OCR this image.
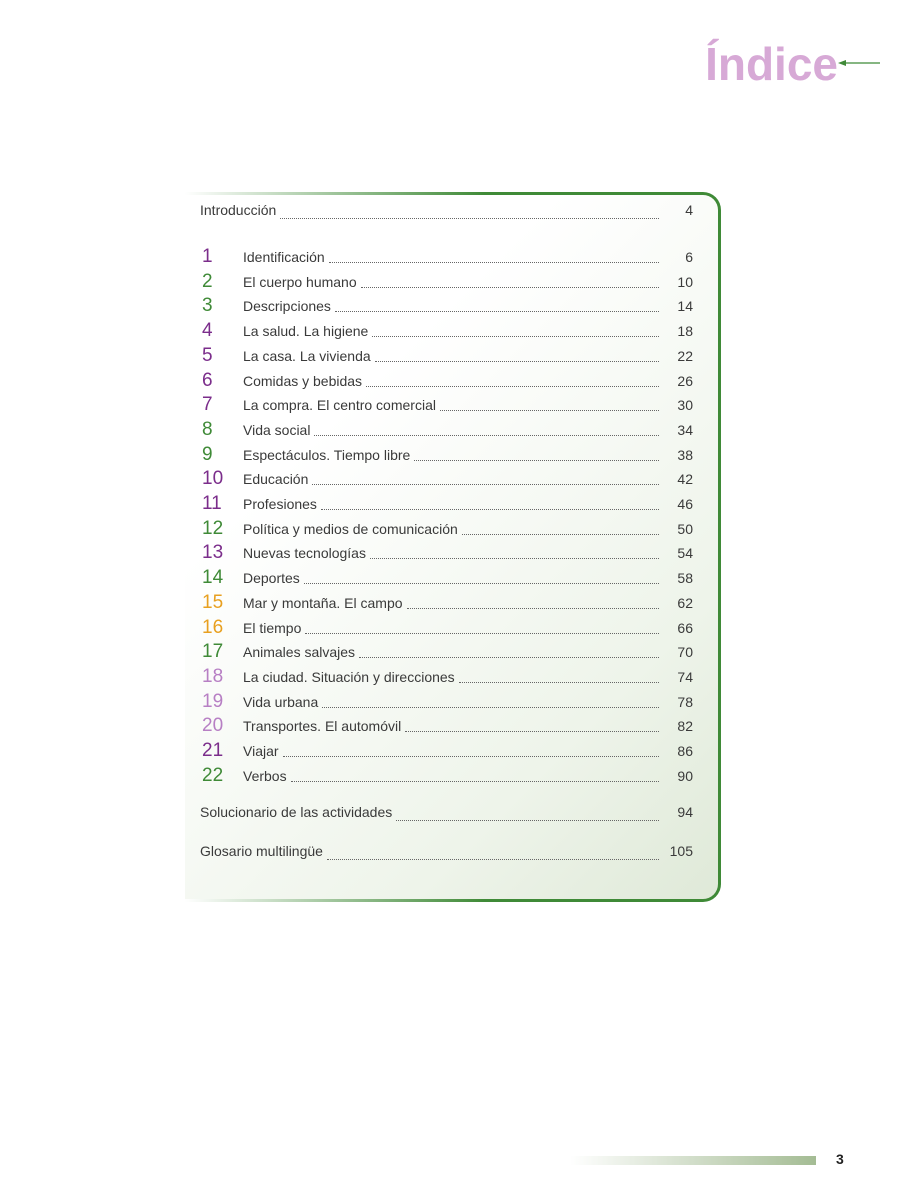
Índice
Introducción	4
1	Identificación	6
2	El cuerpo humano	10
3	Descripciones	14
4	La salud. La higiene	18
5	La casa. La vivienda	22
6	Comidas y bebidas	26
7	La compra. El centro comercial	30
8	Vida social	34
9	Espectáculos. Tiempo libre	38
10	Educación	42
11	Profesiones	46
12	Política y medios de comunicación	50
13	Nuevas tecnologías	54
14	Deportes	58
15	Mar y montaña. El campo	62
16	El tiempo	66
17	Animales salvajes	70
18	La ciudad. Situación y direcciones	74
19	Vida urbana	78
20	Transportes. El automóvil	82
21	Viajar	86
22	Verbos	90
Solucionario de las actividades	94
Glosario multilingüe	105
3
